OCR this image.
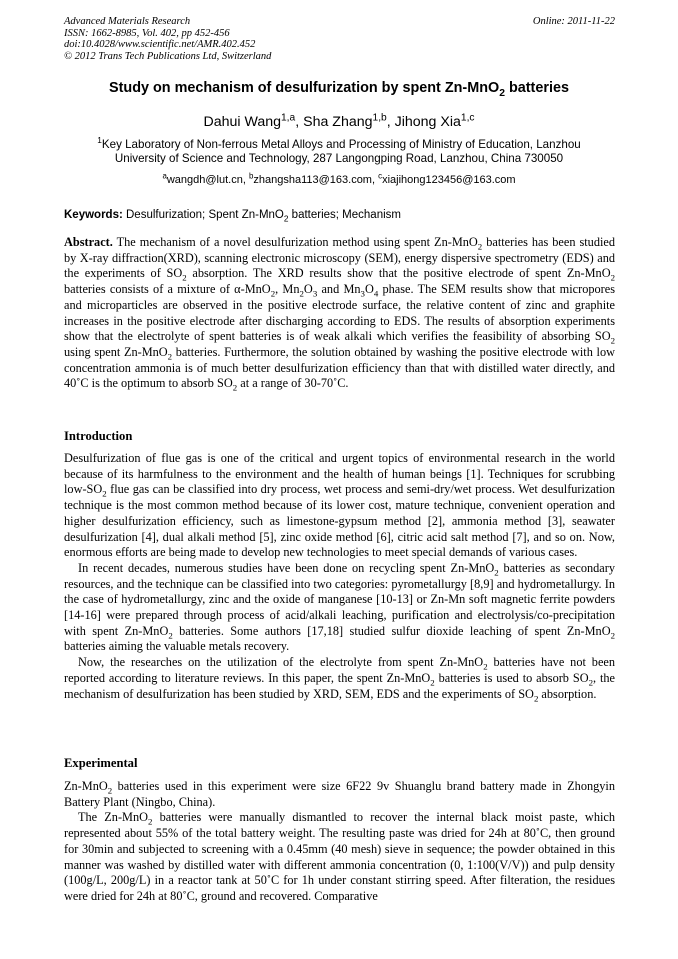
Advanced Materials Research
ISSN: 1662-8985, Vol. 402, pp 452-456
doi:10.4028/www.scientific.net/AMR.402.452
© 2012 Trans Tech Publications Ltd, Switzerland
Online: 2011-11-22
Study on mechanism of desulfurization by spent Zn-MnO$_2$ batteries
Dahui Wang$^{1,a}$, Sha Zhang$^{1,b}$, Jihong Xia$^{1,c}$
$^1$Key Laboratory of Non-ferrous Metal Alloys and Processing of Ministry of Education, Lanzhou
University of Science and Technology, 287 Langongping Road, Lanzhou, China 730050
$^a$wangdh@lut.cn, $^b$zhangsha113@163.com, $^c$xiajihong123456@163.com
Keywords: Desulfurization; Spent Zn-MnO$_2$ batteries; Mechanism

Abstract. The mechanism of a novel desulfurization method using spent Zn-MnO$_2$ batteries has been studied by X-ray diffraction(XRD), scanning electronic microscopy (SEM), energy dispersive spectrometry (EDS) and the experiments of $SO_2$ absorption. The XRD results show that the positive electrode of spent Zn-MnO$_2$ batteries consists of a mixture of α-MnO$_2$, $Mn_2O_3$ and $Mn_3O_4$ phase. The SEM results show that micropores and microparticles are observed in the positive electrode surface, the relative content of zinc and graphite increases in the positive electrode after discharging according to EDS. The results of absorption experiments show that the electrolyte of spent batteries is of weak alkali which verifies the feasibility of absorbing $SO_2$ using spent Zn-MnO$_2$ batteries. Furthermore, the solution obtained by washing the positive electrode with low concentration ammonia is of much better desulfurization efficiency than that with distilled water directly, and 40˚C is the optimum to absorb $SO_2$ at a range of 30-70˚C.

Introduction

Desulfurization of flue gas is one of the critical and urgent topics of environmental research in the world because of its harmfulness to the environment and the health of human beings [1]. Techniques for scrubbing low-$SO_2$ flue gas can be classified into dry process, wet process and semi-dry/wet process. Wet desulfurization technique is the most common method because of its lower cost, mature technique, convenient operation and higher desulfurization efficiency, such as limestone-gypsum method [2], ammonia method [3], seawater desulfurization [4], dual alkali method [5], zinc oxide method [6], citric acid salt method [7], and so on. Now, enormous efforts are being made to develop new technologies to meet special demands of various cases.

In recent decades, numerous studies have been done on recycling spent Zn-MnO$_2$ batteries as secondary resources, and the technique can be classified into two categories: pyrometallurgy [8,9] and hydrometallurgy. In the case of hydrometallurgy, zinc and the oxide of manganese [10-13] or Zn-Mn soft magnetic ferrite powders [14-16] were prepared through process of acid/alkali leaching, purification and electrolysis/co-precipitation with spent Zn-MnO$_2$ batteries. Some authors [17,18] studied sulfur dioxide leaching of spent Zn-MnO$_2$ batteries aiming the valuable metals recovery.

Now, the researches on the utilization of the electrolyte from spent Zn-MnO$_2$ batteries have not been reported according to literature reviews. In this paper, the spent Zn-MnO$_2$ batteries is used to absorb $SO_2$, the mechanism of desulfurization has been studied by XRD, SEM, EDS and the experiments of $SO_2$ absorption.

Experimental

Zn-MnO$_2$ batteries used in this experiment were size 6F22 9v Shuanglu brand battery made in Zhongyin Battery Plant (Ningbo, China).

The Zn-MnO$_2$ batteries were manually dismantled to recover the internal black moist paste, which represented about 55% of the total battery weight. The resulting paste was dried for 24h at 80˚C, then ground for 30min and subjected to screening with a 0.45mm (40 mesh) sieve in sequence; the powder obtained in this manner was washed by distilled water with different ammonia concentration (0, 1:100(V/V)) and pulp density (100g/L, 200g/L) in a reactor tank at 50˚C for 1h under constant stirring speed. After filteration, the residues were dried for 24h at 80˚C, ground and recovered. Comparative
